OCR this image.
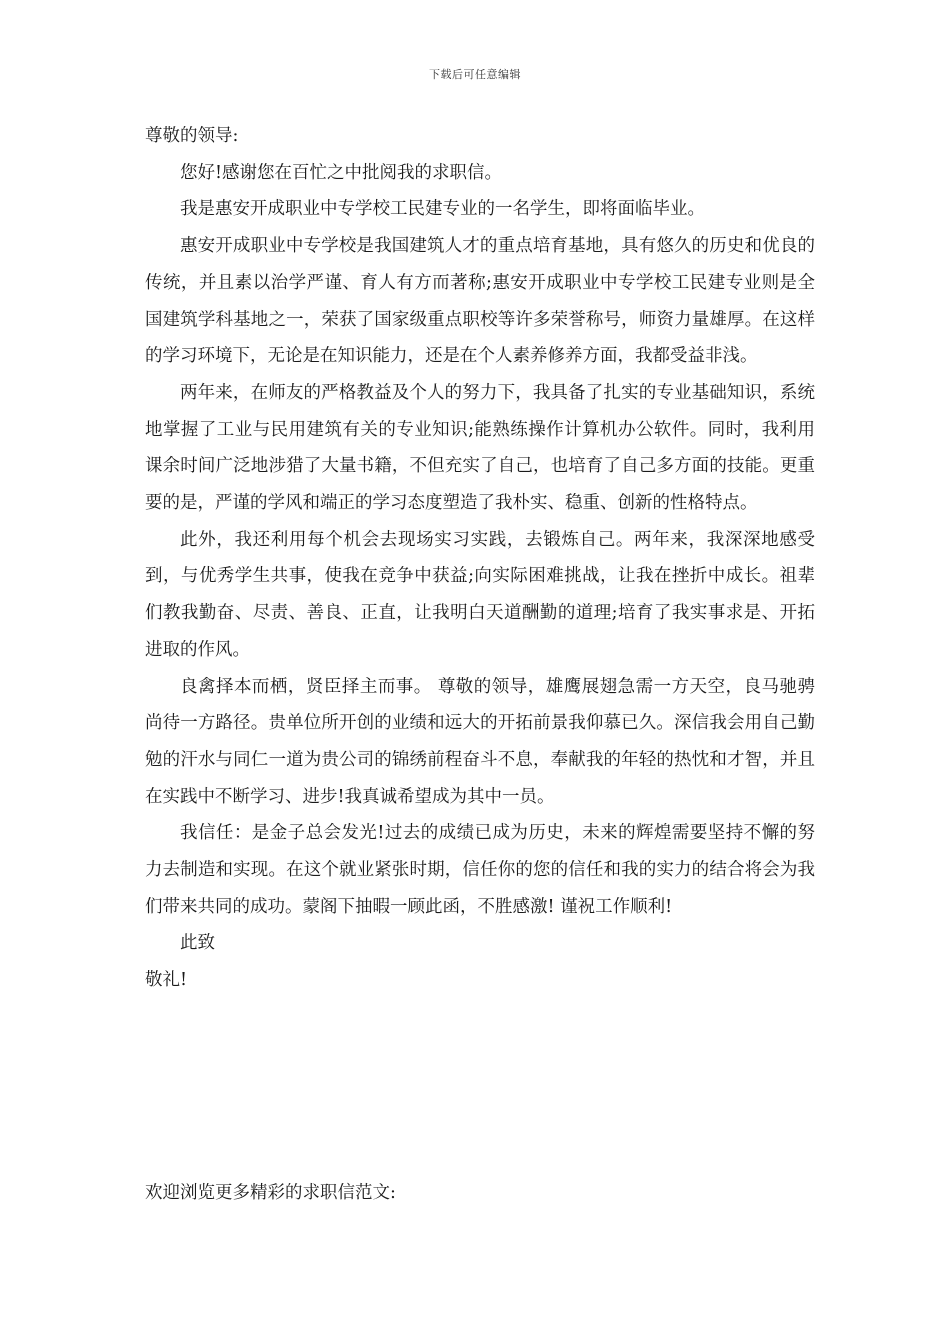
下载后可任意编辑

尊敬的领导:

您好!感谢您在百忙之中批阅我的求职信。

我是惠安开成职业中专学校工民建专业的一名学生，即将面临毕业。

惠安开成职业中专学校是我国建筑人才的重点培育基地，具有悠久的历史和优良的传统，并且素以治学严谨、育人有方而著称;惠安开成职业中专学校工民建专业则是全国建筑学科基地之一，荣获了国家级重点职校等许多荣誉称号，师资力量雄厚。在这样的学习环境下，无论是在知识能力，还是在个人素养修养方面，我都受益非浅。

两年来，在师友的严格教益及个人的努力下，我具备了扎实的专业基础知识，系统地掌握了工业与民用建筑有关的专业知识;能熟练操作计算机办公软件。同时，我利用课余时间广泛地涉猎了大量书籍，不但充实了自己，也培育了自己多方面的技能。更重要的是，严谨的学风和端正的学习态度塑造了我朴实、稳重、创新的性格特点。

此外，我还利用每个机会去现场实习实践，去锻炼自己。两年来，我深深地感受到，与优秀学生共事，使我在竞争中获益;向实际困难挑战，让我在挫折中成长。祖辈们教我勤奋、尽责、善良、正直，让我明白天道酬勤的道理;培育了我实事求是、开拓进取的作风。

良禽择本而栖，贤臣择主而事。 尊敬的领导，雄鹰展翅急需一方天空，良马驰骋尚待一方路径。贵单位所开创的业绩和远大的开拓前景我仰慕已久。深信我会用自己勤勉的汗水与同仁一道为贵公司的锦绣前程奋斗不息，奉献我的年轻的热忱和才智，并且在实践中不断学习、进步!我真诚希望成为其中一员。

我信任：是金子总会发光!过去的成绩已成为历史，未来的辉煌需要坚持不懈的努力去制造和实现。在这个就业紧张时期，信任你的您的信任和我的实力的结合将会为我们带来共同的成功。蒙阁下抽暇一顾此函，不胜感激! 谨祝工作顺利!

此致

敬礼!

欢迎浏览更多精彩的求职信范文:
